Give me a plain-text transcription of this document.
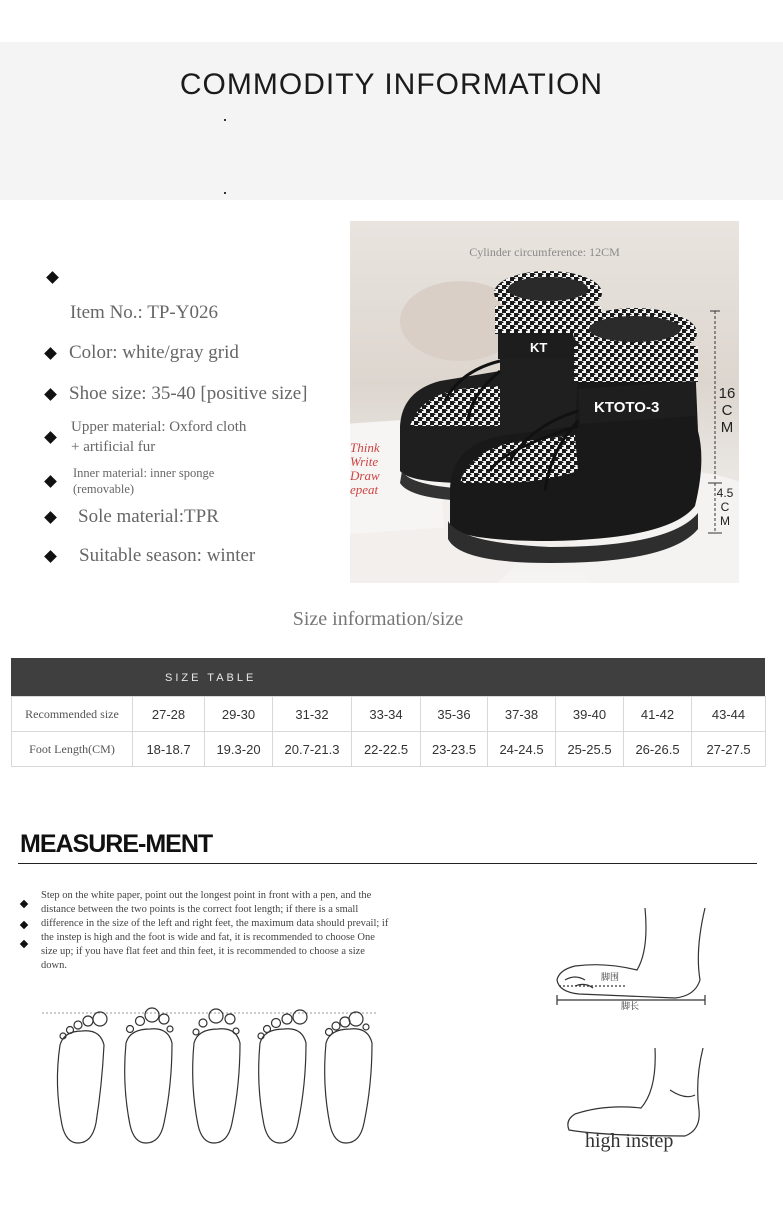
COMMODITY INFORMATION
Item No.: TP-Y026
Color: white/gray grid
Shoe size: 35-40 [positive size]
Upper material: Oxford cloth
+ artificial fur
Inner material: inner sponge
(removable)
Sole material:TPR
Suitable season: winter
Think
Write
Draw
epeat
KT
KTOTO-3
Cylinder circumference: 12CM
16
C
M
4.5
C
M
Size information/size
SIZE TABLE
Recommended size	27-28	29-30	31-32	33-34	35-36	37-38	39-40	41-42	43-44
Foot Length(CM)	18-18.7	19.3-20	20.7-21.3	22-22.5	23-23.5	24-24.5	25-25.5	26-26.5	27-27.5
MEASURE-MENT
Step on the white paper, point out the longest point in front with a pen, and the distance between the two points is the correct foot length; if there is a small difference in the size of the left and right feet, the maximum data should prevail; if the instep is high and the foot is wide and fat, it is recommended to choose One size up; if you have flat feet and thin feet, it is recommended to choose a size down.
脚围
脚长
high instep
